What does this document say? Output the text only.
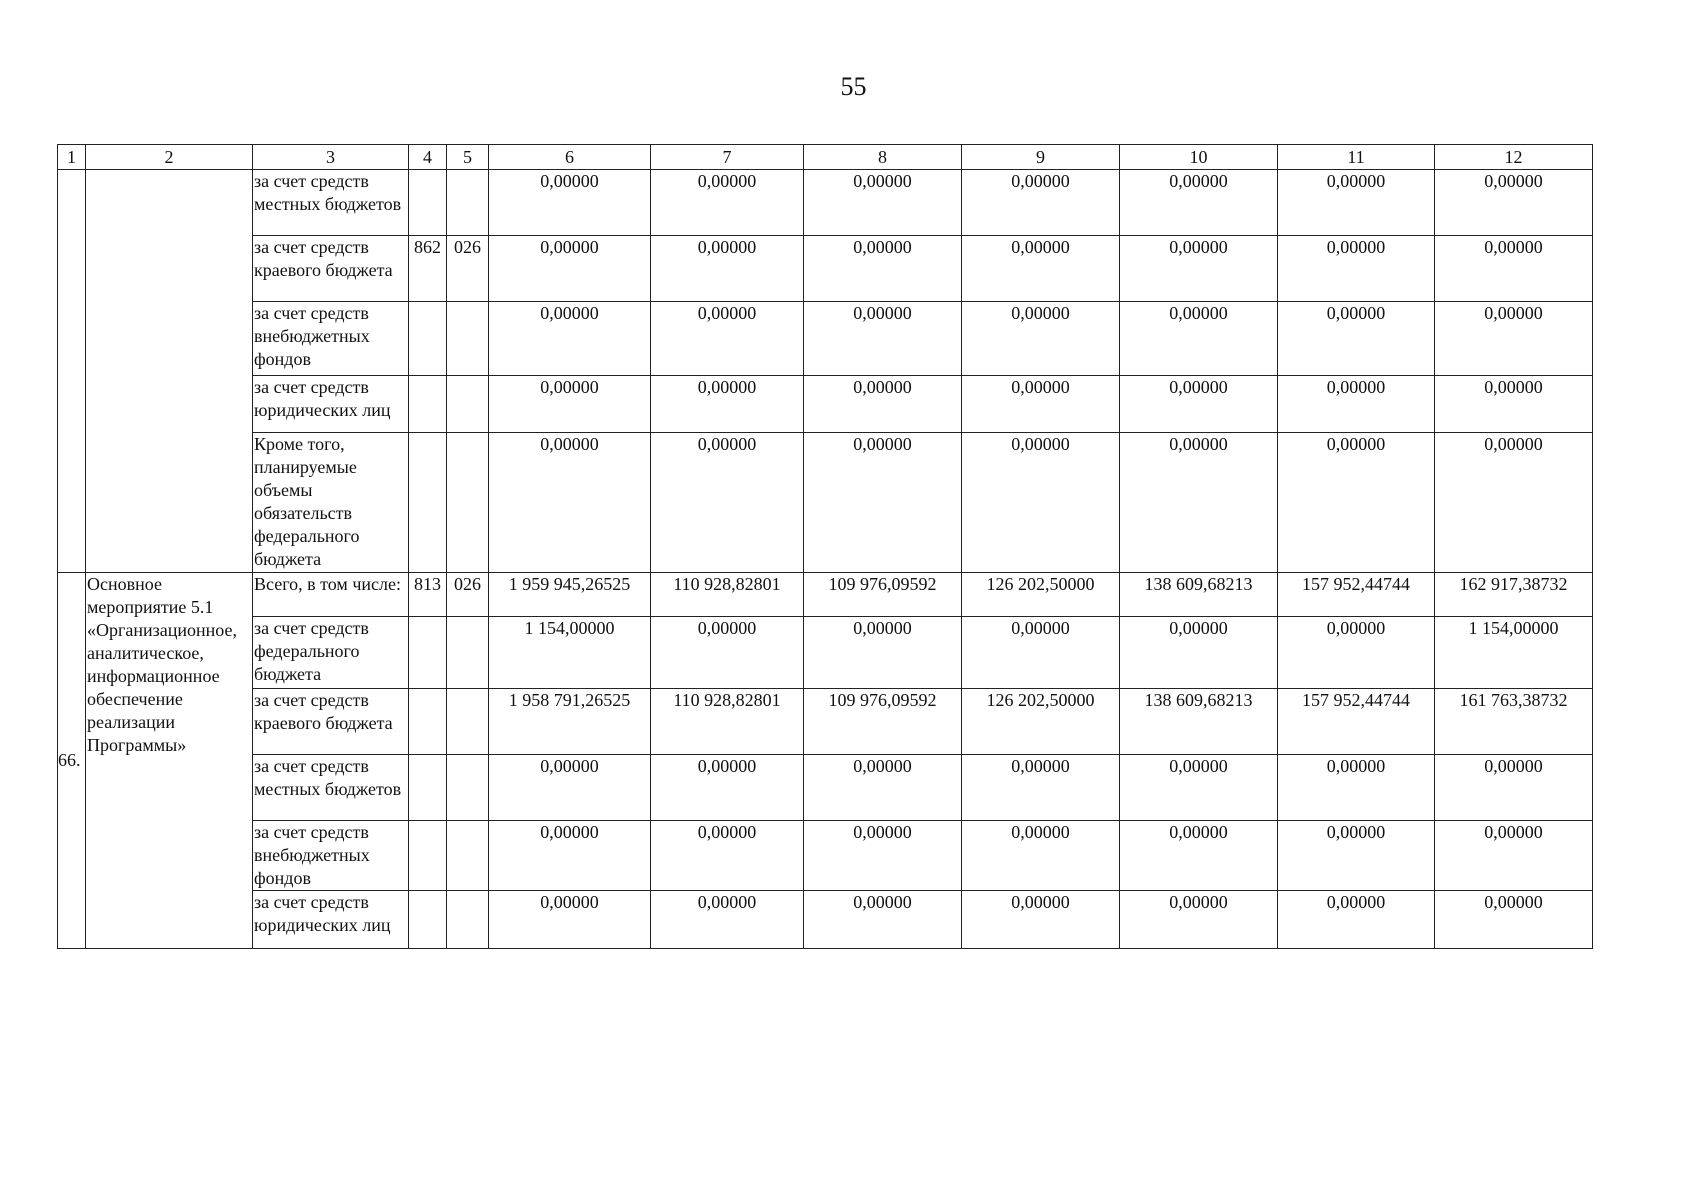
55
1	2	3	4	5	6	7	8	9	10	11	12
		за счет средств местных бюджетов			0,00000	0,00000	0,00000	0,00000	0,00000	0,00000	0,00000
		за счет средств краевого бюджета	862	026	0,00000	0,00000	0,00000	0,00000	0,00000	0,00000	0,00000
		за счет средств внебюджетных фондов			0,00000	0,00000	0,00000	0,00000	0,00000	0,00000	0,00000
		за счет средств юридических лиц			0,00000	0,00000	0,00000	0,00000	0,00000	0,00000	0,00000
		Кроме того, планируемые объемы обязательств федерального бюджета			0,00000	0,00000	0,00000	0,00000	0,00000	0,00000	0,00000
66.	Основное мероприятие 5.1 «Организационное, аналитическое, информационное обеспечение реализации Программы»	Всего, в том числе:	813	026	1 959 945,26525	110 928,82801	109 976,09592	126 202,50000	138 609,68213	157 952,44744	162 917,38732
		за счет средств федерального бюджета			1 154,00000	0,00000	0,00000	0,00000	0,00000	0,00000	1 154,00000
		за счет средств краевого бюджета			1 958 791,26525	110 928,82801	109 976,09592	126 202,50000	138 609,68213	157 952,44744	161 763,38732
		за счет средств местных бюджетов			0,00000	0,00000	0,00000	0,00000	0,00000	0,00000	0,00000
		за счет средств внебюджетных фондов			0,00000	0,00000	0,00000	0,00000	0,00000	0,00000	0,00000
		за счет средств юридических лиц			0,00000	0,00000	0,00000	0,00000	0,00000	0,00000	0,00000
